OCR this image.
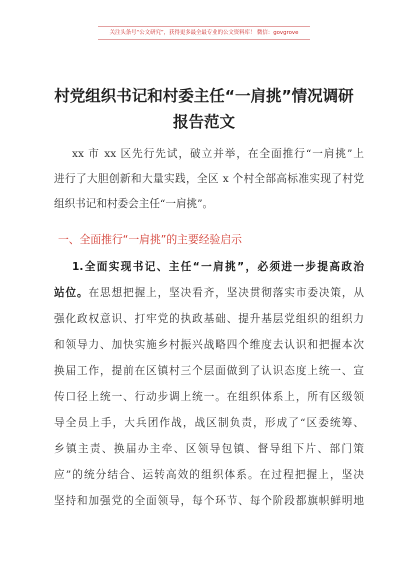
关注头条号“公文研究”，获得更多最全最专业的公文资料库！ 微信：govgrove
村党组织书记和村委主任“一肩挑”情况调研
报告范文
xx 市 xx 区先行先试，破立并举，在全面推行“一肩挑”上
进行了大胆创新和大量实践，全区 x 个村全部高标准实现了村党
组织书记和村委会主任“一肩挑”。
一、全面推行“一肩挑”的主要经验启示
1.全面实现书记、主任“一肩挑”，必须进一步提高政治
站位。在思想把握上，坚决看齐，坚决贯彻落实市委决策，从
强化政权意识、打牢党的执政基础、提升基层党组织的组织力
和领导力、加快实施乡村振兴战略四个维度去认识和把握本次
换届工作，提前在区镇村三个层面做到了认识态度上统一、宣
传口径上统一、行动步调上统一。在组织体系上，所有区级领
导全员上手，大兵团作战，战区制负责，形成了“区委统筹、
乡镇主责、换届办主牵、区领导包镇、督导组下片、部门策
应”的统分结合、运转高效的组织体系。在过程把握上，坚决
坚持和加强党的全面领导，每个环节、每个阶段都旗帜鲜明地
